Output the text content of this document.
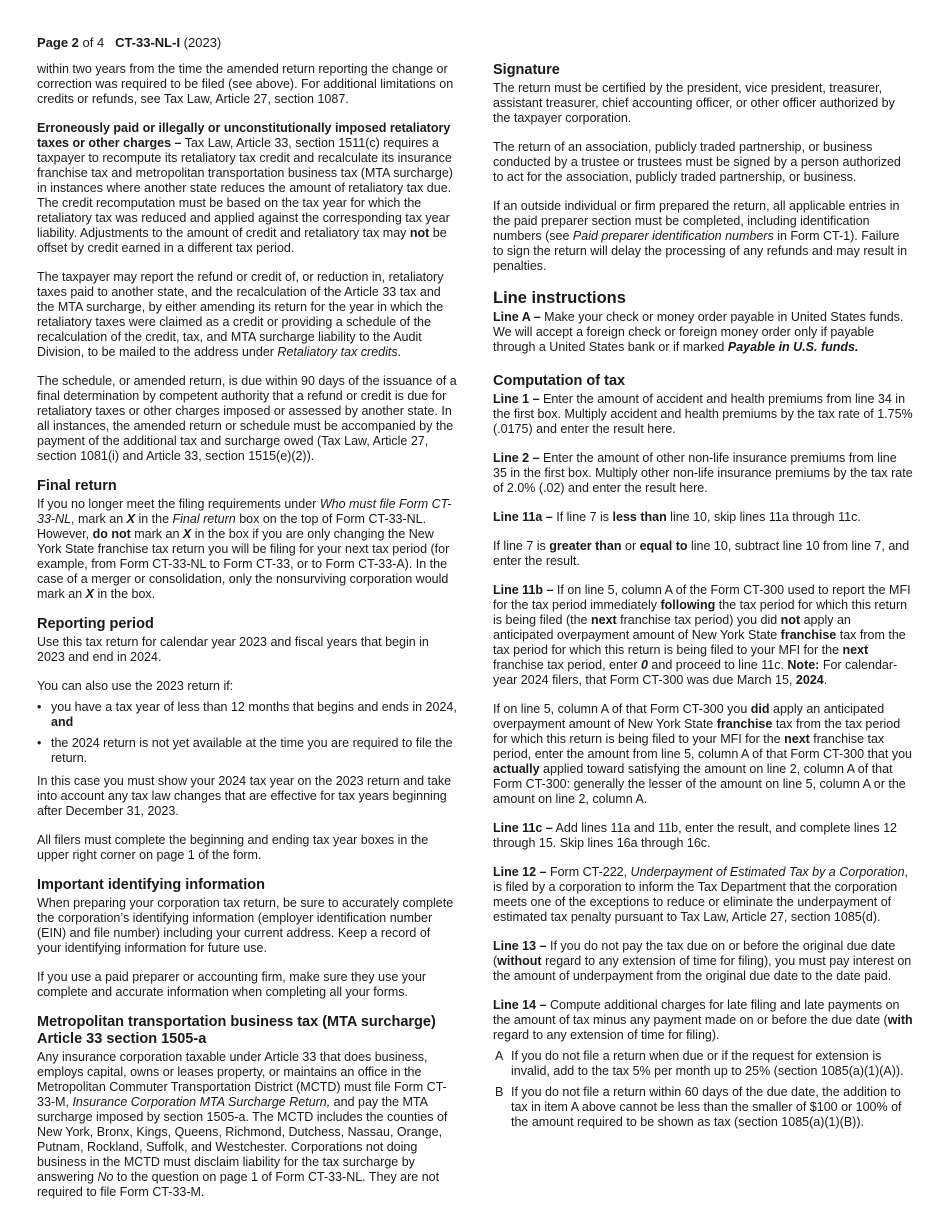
Page 2 of 4 CT-33-NL-I (2023)

within two years from the time the amended return reporting the change or correction was required to be filed (see above). For additional limitations on credits or refunds, see Tax Law, Article 27, section 1087.

Erroneously paid or illegally or unconstitutionally imposed retaliatory taxes or other charges – Tax Law, Article 33, section 1511(c) requires a taxpayer to recompute its retaliatory tax credit and recalculate its insurance franchise tax and metropolitan transportation business tax (MTA surcharge) in instances where another state reduces the amount of retaliatory tax due. The credit recomputation must be based on the tax year for which the retaliatory tax was reduced and applied against the corresponding tax year liability. Adjustments to the amount of credit and retaliatory tax may not be offset by credit earned in a different tax period.

The taxpayer may report the refund or credit of, or reduction in, retaliatory taxes paid to another state, and the recalculation of the Article 33 tax and the MTA surcharge, by either amending its return for the year in which the retaliatory taxes were claimed as a credit or providing a schedule of the recalculation of the credit, tax, and MTA surcharge liability to the Audit Division, to be mailed to the address under Retaliatory tax credits.

The schedule, or amended return, is due within 90 days of the issuance of a final determination by competent authority that a refund or credit is due for retaliatory taxes or other charges imposed or assessed by another state. In all instances, the amended return or schedule must be accompanied by the payment of the additional tax and surcharge owed (Tax Law, Article 27, section 1081(i) and Article 33, section 1515(e)(2)).

Final return

If you no longer meet the filing requirements under Who must file Form CT-33-NL, mark an X in the Final return box on the top of Form CT-33-NL. However, do not mark an X in the box if you are only changing the New York State franchise tax return you will be filing for your next tax period (for example, from Form CT-33-NL to Form CT-33, or to Form CT-33-A). In the case of a merger or consolidation, only the nonsurviving corporation would mark an X in the box.

Reporting period

Use this tax return for calendar year 2023 and fiscal years that begin in 2023 and end in 2024.

You can also use the 2023 return if:

• you have a tax year of less than 12 months that begins and ends in 2024, and
• the 2024 return is not yet available at the time you are required to file the return.

In this case you must show your 2024 tax year on the 2023 return and take into account any tax law changes that are effective for tax years beginning after December 31, 2023.

All filers must complete the beginning and ending tax year boxes in the upper right corner on page 1 of the form.

Important identifying information

When preparing your corporation tax return, be sure to accurately complete the corporation’s identifying information (employer identification number (EIN) and file number) including your current address. Keep a record of your identifying information for future use.

If you use a paid preparer or accounting firm, make sure they use your complete and accurate information when completing all your forms.

Metropolitan transportation business tax (MTA surcharge)
Article 33 section 1505-a

Any insurance corporation taxable under Article 33 that does business, employs capital, owns or leases property, or maintains an office in the Metropolitan Commuter Transportation District (MCTD) must file Form CT-33-M, Insurance Corporation MTA Surcharge Return, and pay the MTA surcharge imposed by section 1505-a. The MCTD includes the counties of New York, Bronx, Kings, Queens, Richmond, Dutchess, Nassau, Orange, Putnam, Rockland, Suffolk, and Westchester. Corporations not doing business in the MCTD must disclaim liability for the tax surcharge by answering No to the question on page 1 of Form CT-33-NL. They are not required to file Form CT-33-M.

Signature

The return must be certified by the president, vice president, treasurer, assistant treasurer, chief accounting officer, or other officer authorized by the taxpayer corporation.

The return of an association, publicly traded partnership, or business conducted by a trustee or trustees must be signed by a person authorized to act for the association, publicly traded partnership, or business.

If an outside individual or firm prepared the return, all applicable entries in the paid preparer section must be completed, including identification numbers (see Paid preparer identification numbers in Form CT-1). Failure to sign the return will delay the processing of any refunds and may result in penalties.

Line instructions

Line A – Make your check or money order payable in United States funds. We will accept a foreign check or foreign money order only if payable through a United States bank or if marked Payable in U.S. funds.

Computation of tax

Line 1 – Enter the amount of accident and health premiums from line 34 in the first box. Multiply accident and health premiums by the tax rate of 1.75% (.0175) and enter the result here.

Line 2 – Enter the amount of other non-life insurance premiums from line 35 in the first box. Multiply other non-life insurance premiums by the tax rate of 2.0% (.02) and enter the result here.

Line 11a – If line 7 is less than line 10, skip lines 11a through 11c.

If line 7 is greater than or equal to line 10, subtract line 10 from line 7, and enter the result.

Line 11b – If on line 5, column A of the Form CT-300 used to report the MFI for the tax period immediately following the tax period for which this return is being filed (the next franchise tax period) you did not apply an anticipated overpayment amount of New York State franchise tax from the tax period for which this return is being filed to your MFI for the next franchise tax period, enter 0 and proceed to line 11c. Note: For calendar-year 2024 filers, that Form CT-300 was due March 15, 2024.

If on line 5, column A of that Form CT-300 you did apply an anticipated overpayment amount of New York State franchise tax from the tax period for which this return is being filed to your MFI for the next franchise tax period, enter the amount from line 5, column A of that Form CT-300 that you actually applied toward satisfying the amount on line 2, column A of that Form CT-300: generally the lesser of the amount on line 5, column A or the amount on line 2, column A.

Line 11c – Add lines 11a and 11b, enter the result, and complete lines 12 through 15. Skip lines 16a through 16c.

Line 12 – Form CT-222, Underpayment of Estimated Tax by a Corporation, is filed by a corporation to inform the Tax Department that the corporation meets one of the exceptions to reduce or eliminate the underpayment of estimated tax penalty pursuant to Tax Law, Article 27, section 1085(d).

Line 13 – If you do not pay the tax due on or before the original due date (without regard to any extension of time for filing), you must pay interest on the amount of underpayment from the original due date to the date paid.

Line 14 – Compute additional charges for late filing and late payments on the amount of tax minus any payment made on or before the due date (with regard to any extension of time for filing).

A If you do not file a return when due or if the request for extension is invalid, add to the tax 5% per month up to 25% (section 1085(a)(1)(A)).
B If you do not file a return within 60 days of the due date, the addition to tax in item A above cannot be less than the smaller of $100 or 100% of the amount required to be shown as tax (section 1085(a)(1)(B)).
